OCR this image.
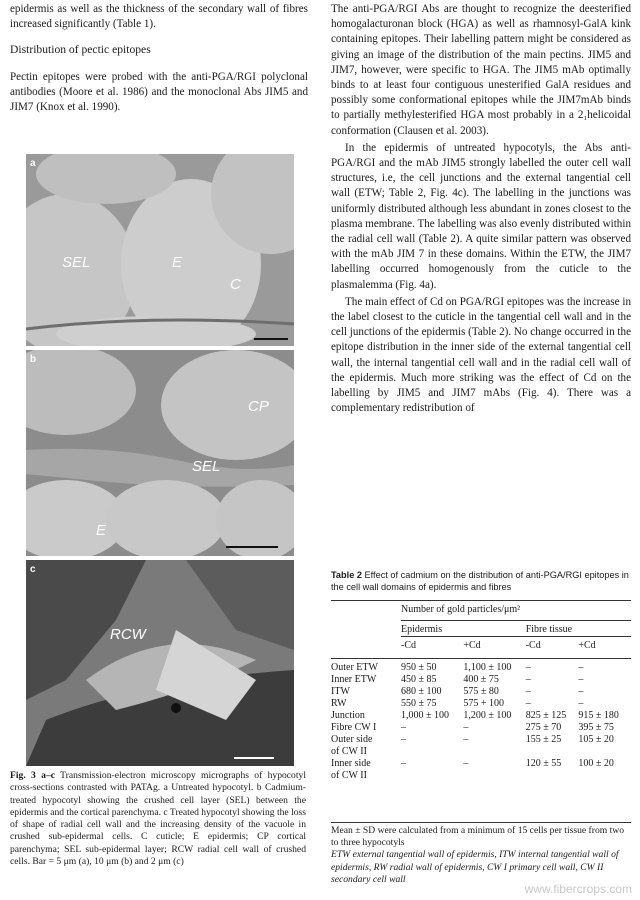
epidermis as well as the thickness of the secondary wall of fibres increased significantly (Table 1).

Distribution of pectic epitopes

Pectin epitopes were probed with the anti-PGA/RGI polyclonal antibodies (Moore et al. 1986) and the monoclonal Abs JIM5 and JIM7 (Knox et al. 1990).

a
SEL	E
C
b
CP
SEL
E
c
RCW
Fig. 3 a–c Transmission-electron microscopy micrographs of hypocotyl cross-sections contrasted with PATAg. a Untreated hypocotyl. b Cadmium-treated hypocotyl showing the crushed cell layer (SEL) between the epidermis and the cortical parenchyma. c Treated hypocotyl showing the loss of shape of radial cell wall and the increasing density of the vacuole in crushed sub-epidermal cells. C cuticle; E epidermis; CP cortical parenchyma; SEL sub-epidermal layer; RCW radial cell wall of crushed cells. Bar = 5 μm (a), 10 μm (b) and 2 μm (c)

The anti-PGA/RGI Abs are thought to recognize the deesterified homogalacturonan block (HGA) as well as rhamnosyl-GalA kink containing epitopes. Their labelling pattern might be considered as giving an image of the distribution of the main pectins. JIM5 and JIM7, however, were specific to HGA. The JIM5 mAb optimally binds to at least four contiguous unesterified GalA residues and possibly some conformational epitopes while the JIM7mAb binds to partially methylesterified HGA most probably in a 2₁helicoidal conformation (Clausen et al. 2003).

In the epidermis of untreated hypocotyls, the Abs anti-PGA/RGI and the mAb JIM5 strongly labelled the outer cell wall structures, i.e, the cell junctions and the external tangential cell wall (ETW; Table 2, Fig. 4c). The labelling in the junctions was uniformly distributed although less abundant in zones closest to the plasma membrane. The labelling was also evenly distributed within the radial cell wall (Table 2). A quite similar pattern was observed with the mAb JIM 7 in these domains. Within the ETW, the JIM7 labelling occurred homogenously from the cuticle to the plasmalemma (Fig. 4a).

The main effect of Cd on PGA/RGI epitopes was the increase in the label closest to the cuticle in the tangential cell wall and in the cell junctions of the epidermis (Table 2). No change occurred in the epitope distribution in the inner side of the external tangential cell wall, the internal tangential cell wall and in the radial cell wall of the epidermis. Much more striking was the effect of Cd on the labelling by JIM5 and JIM7 mAbs (Fig. 4). There was a complementary redistribution of

Table 2 Effect of cadmium on the distribution of anti-PGA/RGI epitopes in the cell wall domains of epidermis and fibres
	Number of gold particles/μm²			
	Epidermis		Fibre tissue	
	-Cd	+Cd	-Cd	+Cd
Outer ETW	950 ± 50	1,100 ± 100	–	–
Inner ETW	450 ± 85	400 ± 75	–	–
ITW	680 ± 100	575 ± 80	–	–
RW	550 ± 75	575 + 100	–	–
Junction	1,000 ± 100	1,200 ± 100	825 ± 125	915 ± 180
Fibre CW I	–	–	275 ± 70	395 ± 75
Outer side	–	–	155 ± 25	105 ± 20
of CW II				
Inner side	–	–	120 ± 55	100 ± 20
of CW II				
Mean ± SD were calculated from a minimum of 15 cells per tissue from two to three hypocotyls
ETW external tangential wall of epidermis, ITW internal tangential wall of epidermis, RW radial wall of epidermis, CW I primary cell wall, CW II secondary cell wall
www.fibercrops.com
